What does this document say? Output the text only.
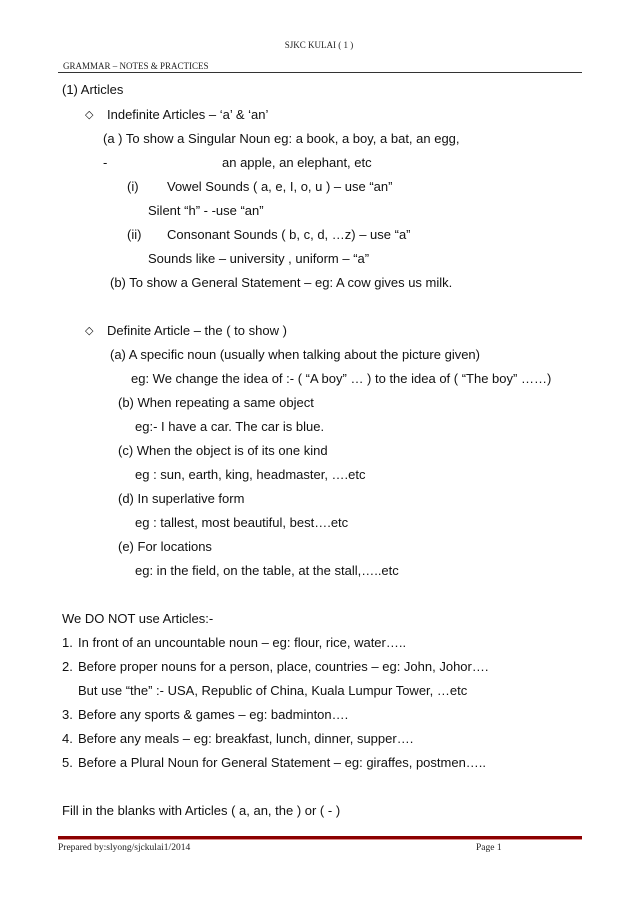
SJKC KULAI ( 1 )
GRAMMAR – NOTES & PRACTICES
(1) Articles
◇ Indefinite Articles – ‘a’ & ‘an’
(a ) To show a Singular Noun eg: a book, a boy, a bat, an egg,
-	an apple, an elephant, etc
(i) Vowel Sounds ( a, e, I, o, u ) – use “an”
Silent “h” - -use “an”
(ii) Consonant Sounds ( b, c, d, …z) – use “a”
Sounds like – university , uniform – “a”
(b) To show a General Statement – eg: A cow gives us milk.
◇ Definite Article – the ( to show )
(a) A specific noun (usually when talking about the picture given)
eg: We change the idea of :- ( “A boy” … ) to the idea of ( “The boy” ……)
(b) When repeating a same object
eg:- I have a car. The car is blue.
(c) When the object is of its one kind
eg : sun, earth, king, headmaster, ….etc
(d) In superlative form
eg : tallest, most beautiful, best….etc
(e) For locations
eg: in the field, on the table, at the stall,…..etc
We DO NOT use Articles:-
1. In front of an uncountable noun – eg: flour, rice, water…..
2. Before proper nouns for a person, place, countries – eg: John, Johor….
But use “the” :- USA, Republic of China, Kuala Lumpur Tower, …etc
3. Before any sports & games – eg: badminton….
4. Before any meals – eg: breakfast, lunch, dinner, supper….
5. Before a Plural Noun for General Statement – eg: giraffes, postmen…..
Fill in the blanks with Articles ( a, an, the ) or ( - )
Prepared by:slyong/sjckulai1/2014	Page 1
